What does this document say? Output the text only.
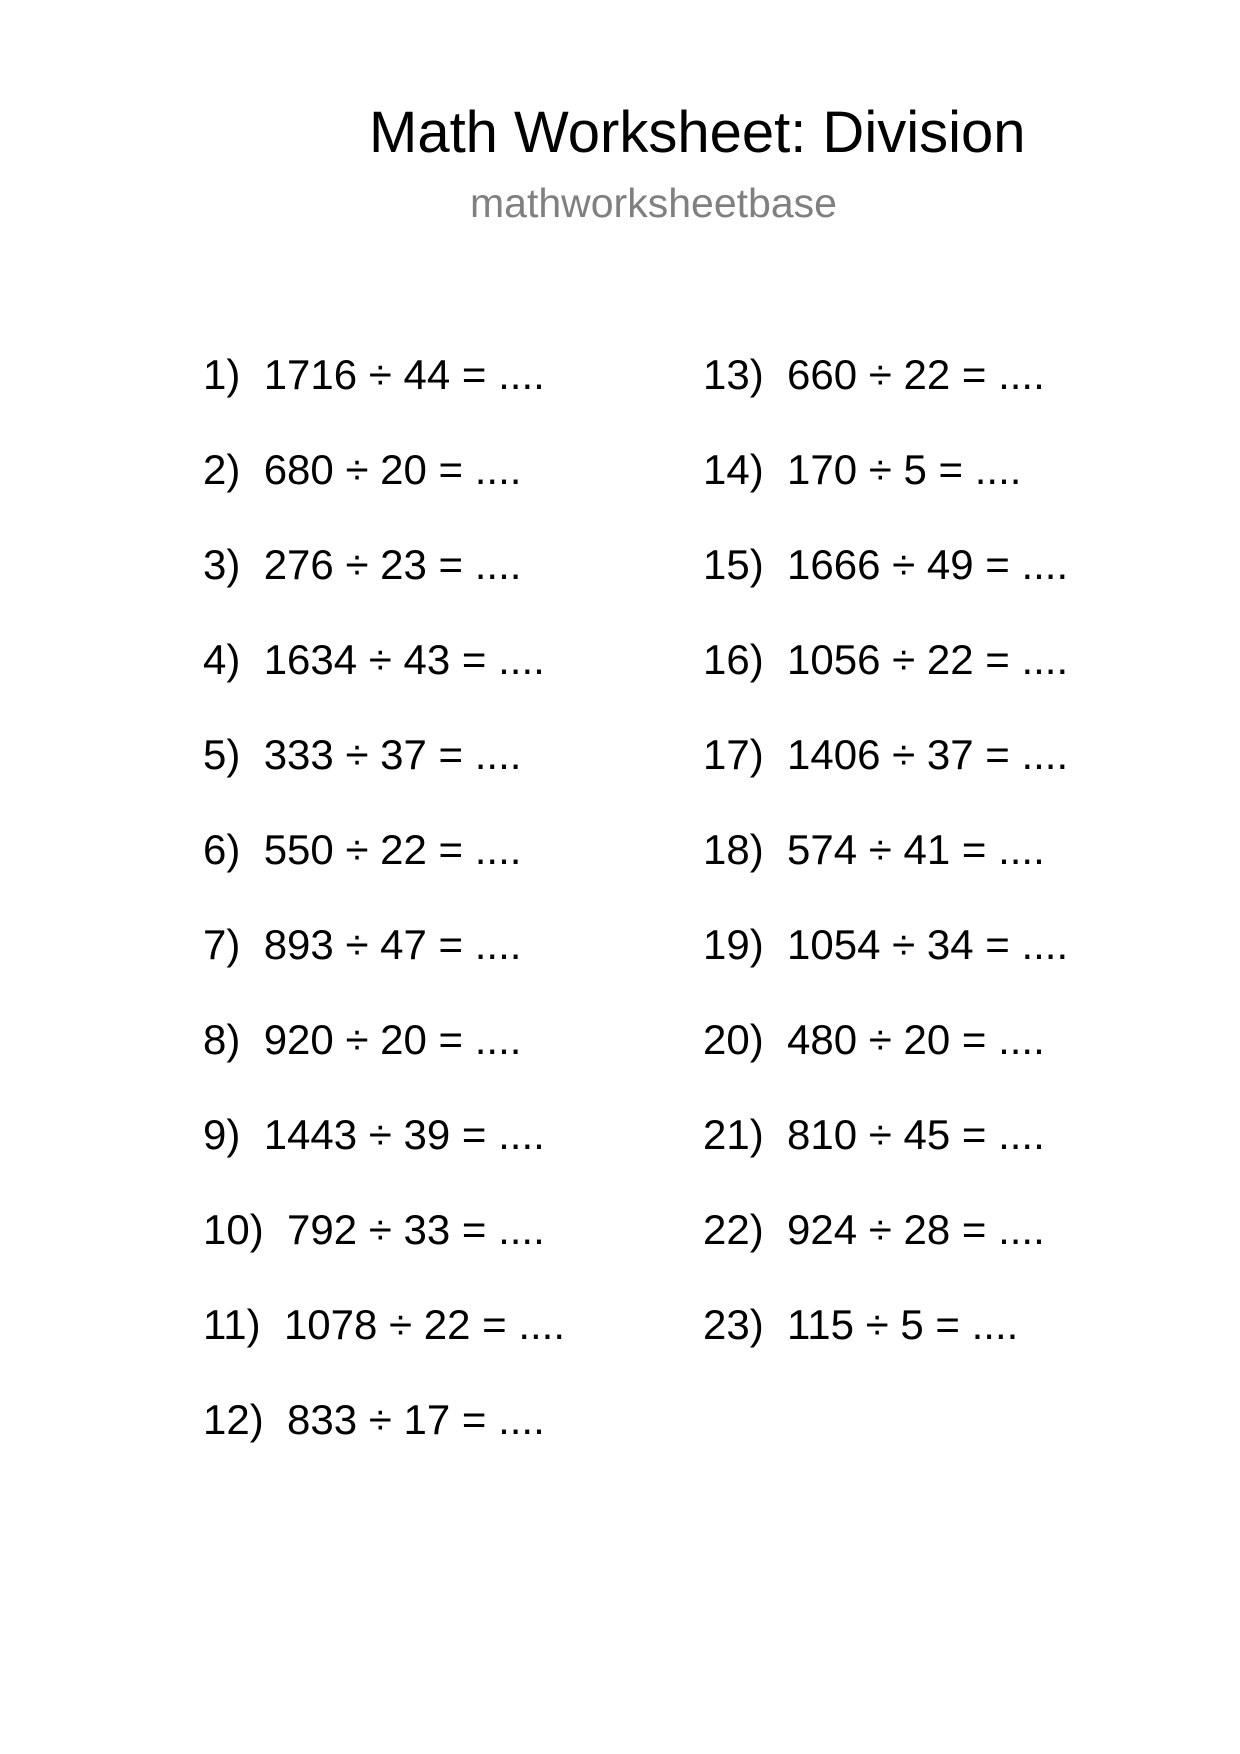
Math Worksheet: Division
mathworksheetbase
1) 1716 ÷ 44 = ....
2) 680 ÷ 20 = ....
3) 276 ÷ 23 = ....
4) 1634 ÷ 43 = ....
5) 333 ÷ 37 = ....
6) 550 ÷ 22 = ....
7) 893 ÷ 47 = ....
8) 920 ÷ 20 = ....
9) 1443 ÷ 39 = ....
10) 792 ÷ 33 = ....
11) 1078 ÷ 22 = ....
12) 833 ÷ 17 = ....
13) 660 ÷ 22 = ....
14) 170 ÷ 5 = ....
15) 1666 ÷ 49 = ....
16) 1056 ÷ 22 = ....
17) 1406 ÷ 37 = ....
18) 574 ÷ 41 = ....
19) 1054 ÷ 34 = ....
20) 480 ÷ 20 = ....
21) 810 ÷ 45 = ....
22) 924 ÷ 28 = ....
23) 115 ÷ 5 = ....
